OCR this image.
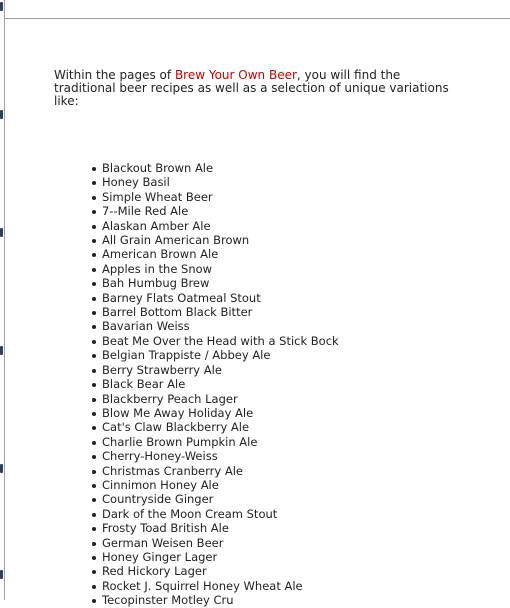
Within the pages of Brew Your Own Beer, you will find the traditional beer recipes as well as a selection of unique variations like:

Blackout Brown Ale
Honey Basil
Simple Wheat Beer
7--Mile Red Ale
Alaskan Amber Ale
All Grain American Brown
American Brown Ale
Apples in the Snow
Bah Humbug Brew
Barney Flats Oatmeal Stout
Barrel Bottom Black Bitter
Bavarian Weiss
Beat Me Over the Head with a Stick Bock
Belgian Trappiste / Abbey Ale
Berry Strawberry Ale
Black Bear Ale
Blackberry Peach Lager
Blow Me Away Holiday Ale
Cat's Claw Blackberry Ale
Charlie Brown Pumpkin Ale
Cherry-Honey-Weiss
Christmas Cranberry Ale
Cinnimon Honey Ale
Countryside Ginger
Dark of the Moon Cream Stout
Frosty Toad British Ale
German Weisen Beer
Honey Ginger Lager
Red Hickory Lager
Rocket J. Squirrel Honey Wheat Ale
Tecopinster Motley Cru
